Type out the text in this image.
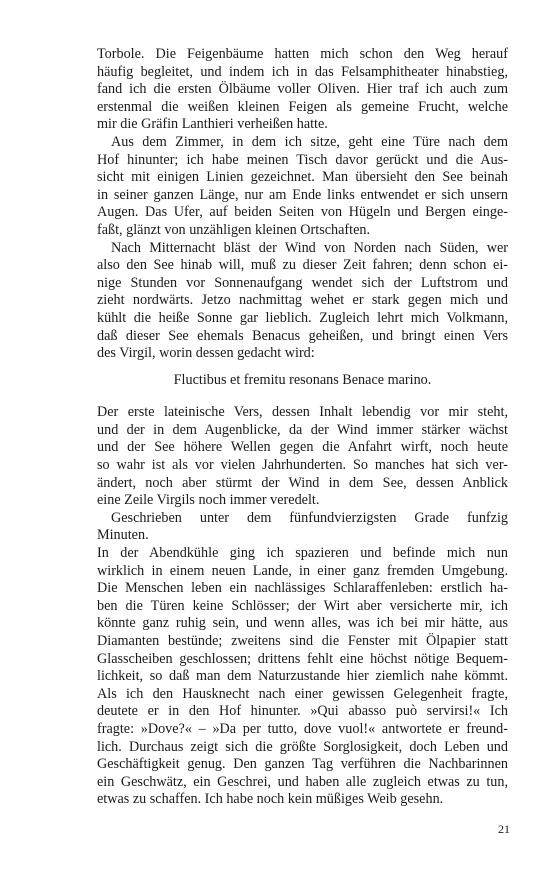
Torbole. Die Feigenbäume hatten mich schon den Weg herauf
häufig begleitet, und indem ich in das Felsamphitheater hinabstieg,
fand ich die ersten Ölbäume voller Oliven. Hier traf ich auch zum
erstenmal die weißen kleinen Feigen als gemeine Frucht, welche
mir die Gräfin Lanthieri verheißen hatte.
Aus dem Zimmer, in dem ich sitze, geht eine Türe nach dem
Hof hinunter; ich habe meinen Tisch davor gerückt und die Aus-
sicht mit einigen Linien gezeichnet. Man übersieht den See beinah
in seiner ganzen Länge, nur am Ende links entwendet er sich unsern
Augen. Das Ufer, auf beiden Seiten von Hügeln und Bergen einge-
faßt, glänzt von unzähligen kleinen Ortschaften.
Nach Mitternacht bläst der Wind von Norden nach Süden, wer
also den See hinab will, muß zu dieser Zeit fahren; denn schon ei-
nige Stunden vor Sonnenaufgang wendet sich der Luftstrom und
zieht nordwärts. Jetzo nachmittag wehet er stark gegen mich und
kühlt die heiße Sonne gar lieblich. Zugleich lehrt mich Volkmann,
daß dieser See ehemals Benacus geheißen, und bringt einen Vers
des Virgil, worin dessen gedacht wird:
Fluctibus et fremitu resonans Benace marino.
Der erste lateinische Vers, dessen Inhalt lebendig vor mir steht,
und der in dem Augenblicke, da der Wind immer stärker wächst
und der See höhere Wellen gegen die Anfahrt wirft, noch heute
so wahr ist als vor vielen Jahrhunderten. So manches hat sich ver-
ändert, noch aber stürmt der Wind in dem See, dessen Anblick
eine Zeile Virgils noch immer veredelt.
Geschrieben unter dem fünfundvierzigsten Grade funfzig
Minuten.
In der Abendkühle ging ich spazieren und befinde mich nun
wirklich in einem neuen Lande, in einer ganz fremden Umgebung.
Die Menschen leben ein nachlässiges Schlaraffenleben: erstlich ha-
ben die Türen keine Schlösser; der Wirt aber versicherte mir, ich
könnte ganz ruhig sein, und wenn alles, was ich bei mir hätte, aus
Diamanten bestünde; zweitens sind die Fenster mit Ölpapier statt
Glasscheiben geschlossen; drittens fehlt eine höchst nötige Bequem-
lichkeit, so daß man dem Naturzustande hier ziemlich nahe kömmt.
Als ich den Hausknecht nach einer gewissen Gelegenheit fragte,
deutete er in den Hof hinunter. »Qui abasso può servirsi!« Ich
fragte: »Dove?« – »Da per tutto, dove vuol!« antwortete er freund-
lich. Durchaus zeigt sich die größte Sorglosigkeit, doch Leben und
Geschäftigkeit genug. Den ganzen Tag verführen die Nachbarinnen
ein Geschwätz, ein Geschrei, und haben alle zugleich etwas zu tun,
etwas zu schaffen. Ich habe noch kein müßiges Weib gesehn.
21
